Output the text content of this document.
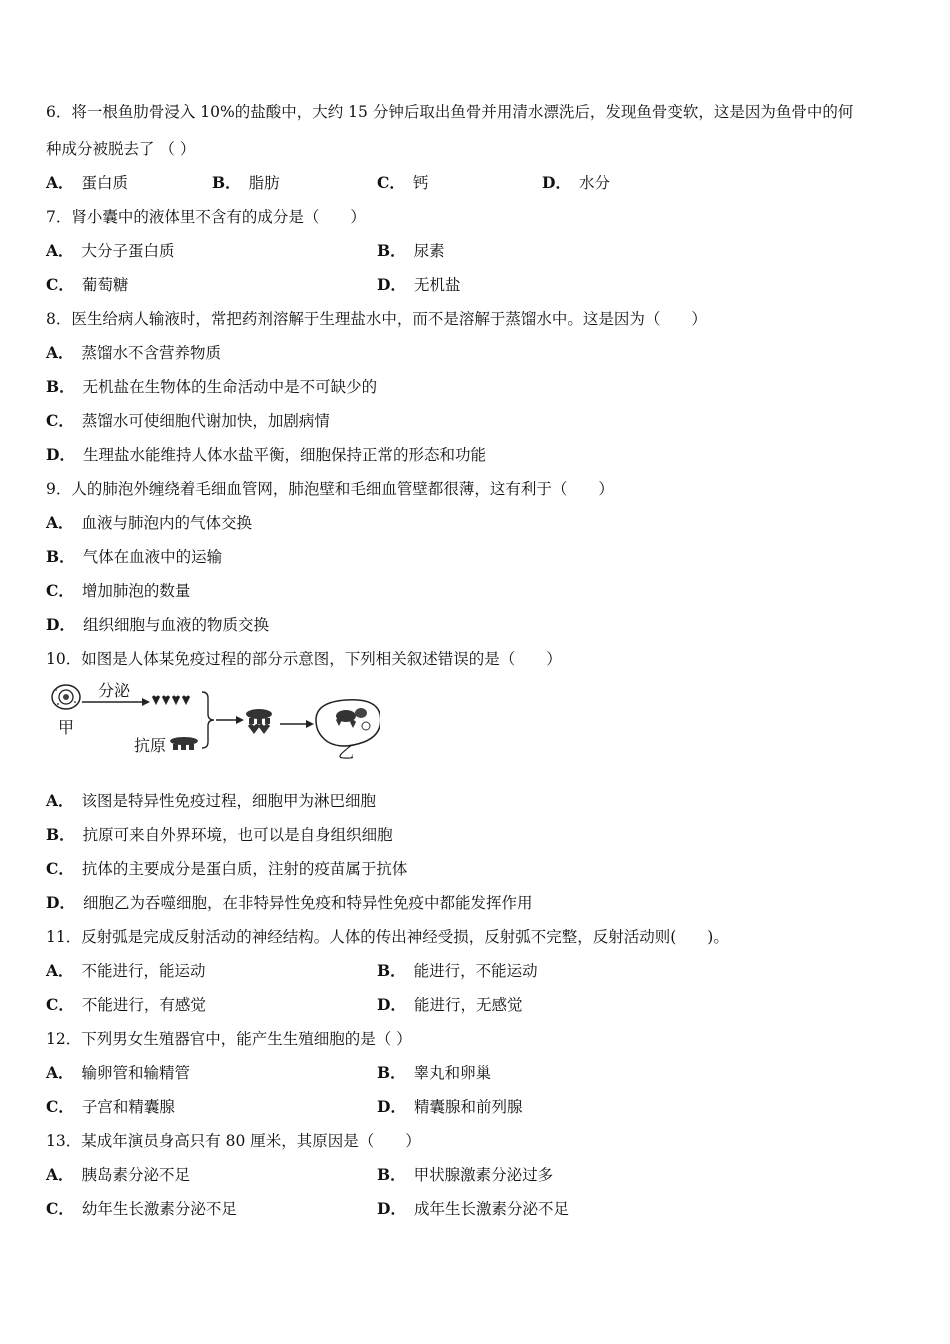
6．将一根鱼肋骨浸入 10%的盐酸中，大约 15 分钟后取出鱼骨并用清水漂洗后，发现鱼骨变软，这是因为鱼骨中的何
种成分被脱去了 （ ）
A． 蛋白质	B． 脂肪	C． 钙	D． 水分
7．肾小囊中的液体里不含有的成分是（　　）
A． 大分子蛋白质	B． 尿素
C． 葡萄糖	D． 无机盐
8．医生给病人输液时，常把药剂溶解于生理盐水中，而不是溶解于蒸馏水中。这是因为（　　）
A． 蒸馏水不含营养物质
B． 无机盐在生物体的生命活动中是不可缺少的
C． 蒸馏水可使细胞代谢加快，加剧病情
D． 生理盐水能维持人体水盐平衡，细胞保持正常的形态和功能
9．人的肺泡外缠绕着毛细血管网，肺泡壁和毛细血管壁都很薄，这有利于（　　）
A． 血液与肺泡内的气体交换
B． 气体在血液中的运输
C． 增加肺泡的数量
D． 组织细胞与血液的物质交换
10．如图是人体某免疫过程的部分示意图，下列相关叙述错误的是（　　）
甲
分泌
抗原	乙
A． 该图是特异性免疫过程，细胞甲为淋巴细胞
B． 抗原可来自外界环境，也可以是自身组织细胞
C． 抗体的主要成分是蛋白质，注射的疫苗属于抗体
D． 细胞乙为吞噬细胞，在非特异性免疫和特异性免疫中都能发挥作用
11．反射弧是完成反射活动的神经结构。人体的传出神经受损，反射弧不完整，反射活动则(　　)。
A． 不能进行，能运动	B． 能进行，不能运动
C． 不能进行，有感觉	D． 能进行，无感觉
12．下列男女生殖器官中，能产生生殖细胞的是（ ）
A． 输卵管和输精管	B． 睾丸和卵巢
C． 子宫和精囊腺	D． 精囊腺和前列腺
13．某成年演员身高只有 80 厘米，其原因是（　　）
A． 胰岛素分泌不足	B． 甲状腺激素分泌过多
C． 幼年生长激素分泌不足	D． 成年生长激素分泌不足
